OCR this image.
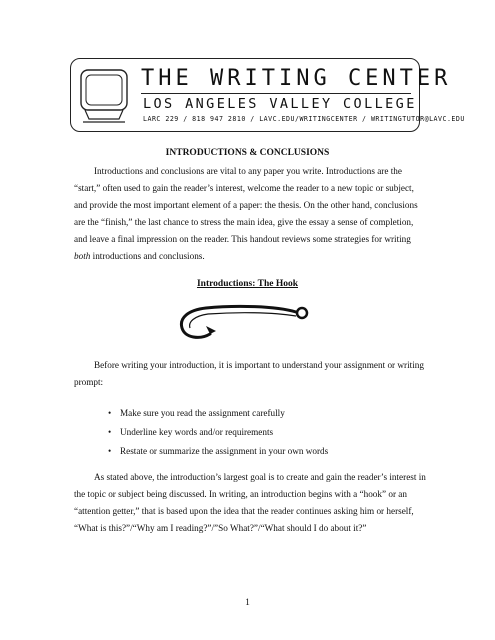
THE WRITING CENTER
LOS ANGELES VALLEY COLLEGE
LARC 229 / 818 947 2810 / LAVC.EDU/WRITINGCENTER / WRITINGTUTOR@LAVC.EDU
INTRODUCTIONS & CONCLUSIONS

Introductions and conclusions are vital to any paper you write. Introductions are the “start,” often used to gain the reader’s interest, welcome the reader to a new topic or subject, and provide the most important element of a paper: the thesis. On the other hand, conclusions are the “finish,” the last chance to stress the main idea, give the essay a sense of completion, and leave a final impression on the reader. This handout reviews some strategies for writing both introductions and conclusions.

Introductions: The Hook

Before writing your introduction, it is important to understand your assignment or writing prompt:

• Make sure you read the assignment carefully
• Underline key words and/or requirements
• Restate or summarize the assignment in your own words

As stated above, the introduction’s largest goal is to create and gain the reader’s interest in the topic or subject being discussed. In writing, an introduction begins with a “hook” or an “attention getter,” that is based upon the idea that the reader continues asking him or herself, “What is this?”/“Why am I reading?”/”So What?”/“What should I do about it?”

1
